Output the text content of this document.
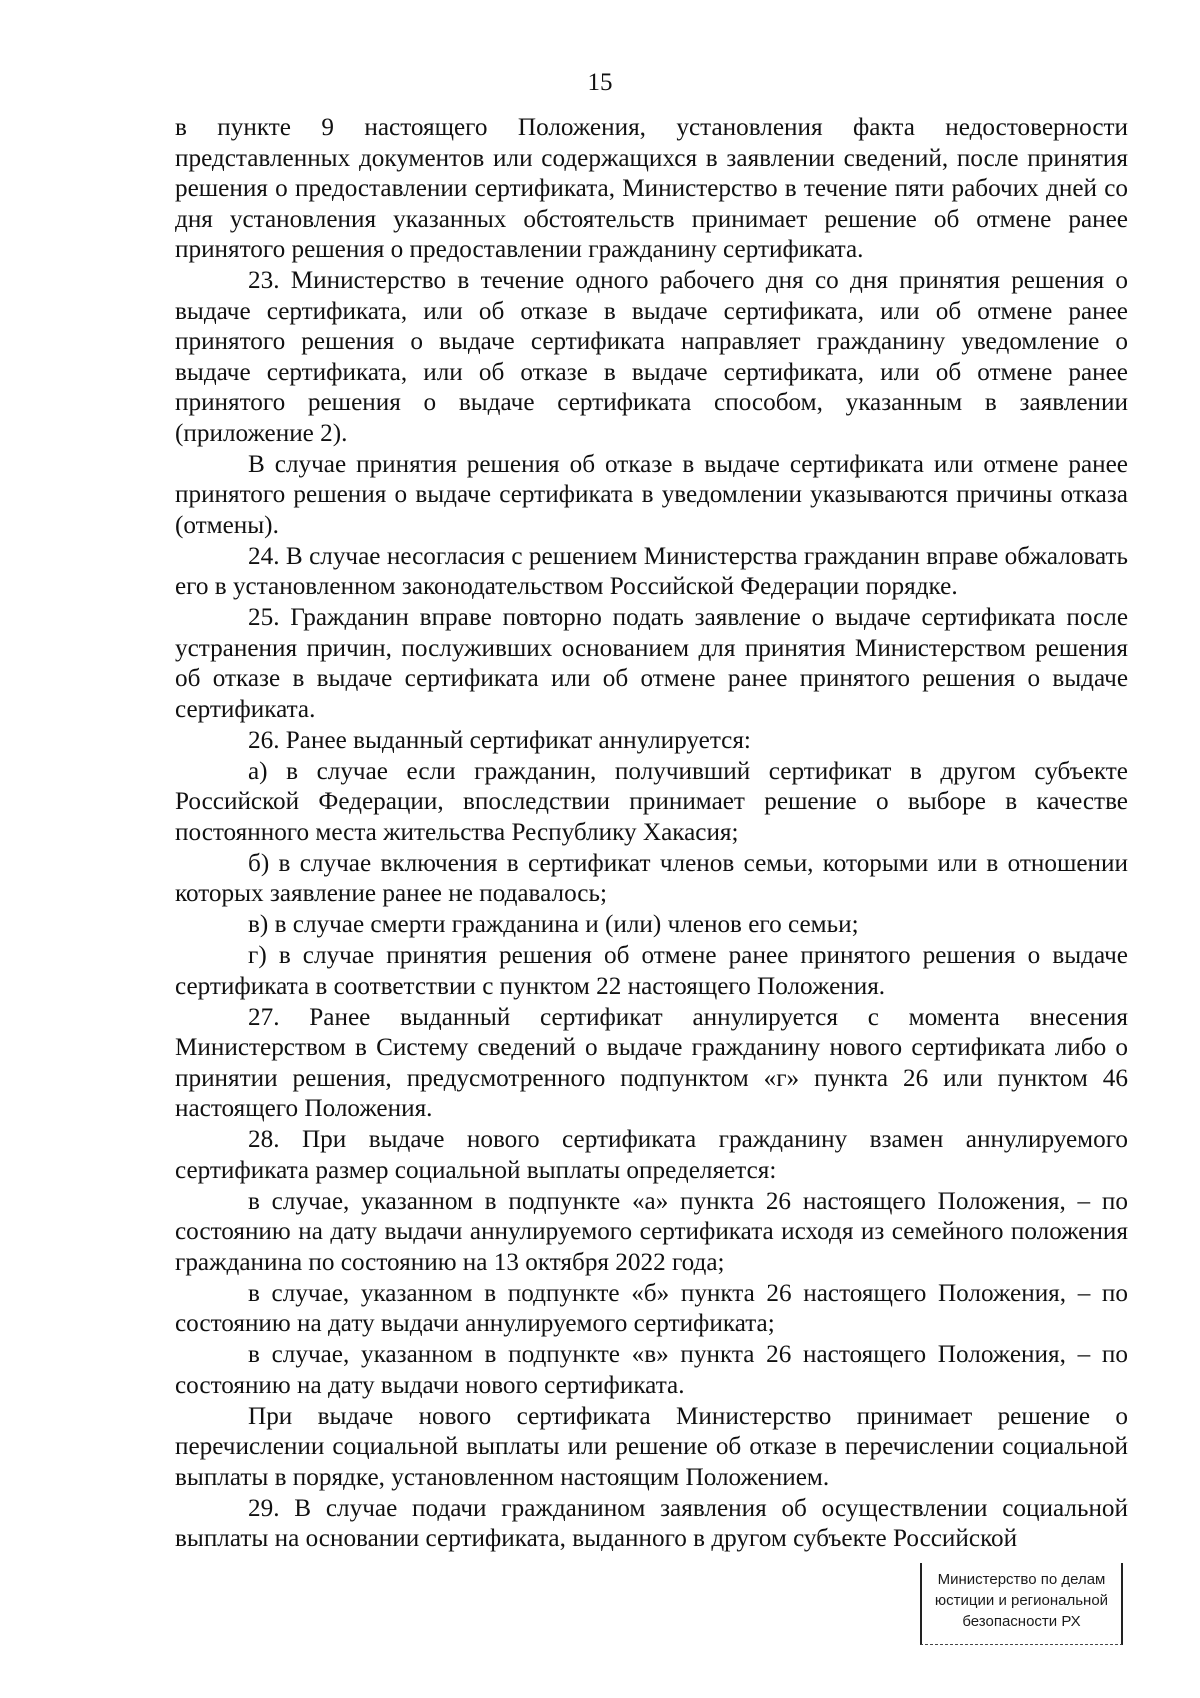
15

в пункте 9 настоящего Положения, установления факта недостоверности представленных документов или содержащихся в заявлении сведений, после принятия решения о предоставлении сертификата, Министерство в течение пяти рабочих дней со дня установления указанных обстоятельств принимает решение об отмене ранее принятого решения о предоставлении гражданину сертификата.

23. Министерство в течение одного рабочего дня со дня принятия решения о выдаче сертификата, или об отказе в выдаче сертификата, или об отмене ранее принятого решения о выдаче сертификата направляет гражданину уведомление о выдаче сертификата, или об отказе в выдаче сертификата, или об отмене ранее принятого решения о выдаче сертификата способом, указанным в заявлении (приложение 2).

В случае принятия решения об отказе в выдаче сертификата или отмене ранее принятого решения о выдаче сертификата в уведомлении указываются причины отказа (отмены).

24. В случае несогласия с решением Министерства гражданин вправе обжаловать его в установленном законодательством Российской Федерации порядке.

25. Гражданин вправе повторно подать заявление о выдаче сертификата после устранения причин, послуживших основанием для принятия Министерством решения об отказе в выдаче сертификата или об отмене ранее принятого решения о выдаче сертификата.

26. Ранее выданный сертификат аннулируется:

а) в случае если гражданин, получивший сертификат в другом субъекте Российской Федерации, впоследствии принимает решение о выборе в качестве постоянного места жительства Республику Хакасия;

б) в случае включения в сертификат членов семьи, которыми или в отношении которых заявление ранее не подавалось;

в) в случае смерти гражданина и (или) членов его семьи;

г) в случае принятия решения об отмене ранее принятого решения о выдаче сертификата в соответствии с пунктом 22 настоящего Положения.

27. Ранее выданный сертификат аннулируется с момента внесения Министерством в Систему сведений о выдаче гражданину нового сертификата либо о принятии решения, предусмотренного подпунктом «г» пункта 26 или пунктом 46 настоящего Положения.

28. При выдаче нового сертификата гражданину взамен аннулируемого сертификата размер социальной выплаты определяется:

в случае, указанном в подпункте «а» пункта 26 настоящего Положения, – по состоянию на дату выдачи аннулируемого сертификата исходя из семейного положения гражданина по состоянию на 13 октября 2022 года;

в случае, указанном в подпункте «б» пункта 26 настоящего Положения, – по состоянию на дату выдачи аннулируемого сертификата;

в случае, указанном в подпункте «в» пункта 26 настоящего Положения, – по состоянию на дату выдачи нового сертификата.

При выдаче нового сертификата Министерство принимает решение о перечислении социальной выплаты или решение об отказе в перечислении социальной выплаты в порядке, установленном настоящим Положением.

29. В случае подачи гражданином заявления об осуществлении социальной выплаты на основании сертификата, выданного в другом субъекте Российской

Министерство по делам
юстиции и региональной
безопасности РХ
